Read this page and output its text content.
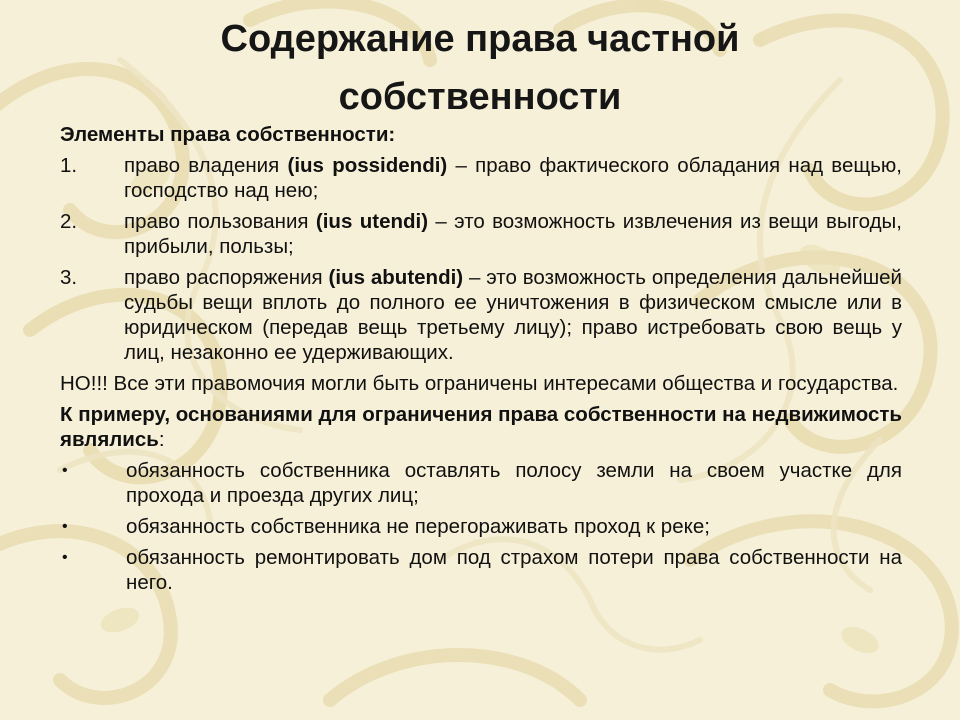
Содержание права частной
собственности
Элементы права собственности:
1.	право владения (ius possidendi) – право фактического обладания над вещью, господство над нею;
2.	право пользования (ius utendi) – это возможность извлечения из вещи выгоды, прибыли, пользы;
3.	право распоряжения (ius abutendi) – это возможность определения дальнейшей судьбы вещи вплоть до полного ее уничтожения в физическом смысле или в юридическом (передав вещь третьему лицу); право истребовать свою вещь у лиц, незаконно ее удерживающих.
НО!!! Все эти правомочия могли быть ограничены интересами общества и государства.
К примеру, основаниями для ограничения права собственности на недвижимость являлись:
•	обязанность собственника оставлять полосу земли на своем участке для прохода и проезда других лиц;
•	обязанность собственника не перегораживать проход к реке;
•	обязанность ремонтировать дом под страхом потери права собственности на него.
